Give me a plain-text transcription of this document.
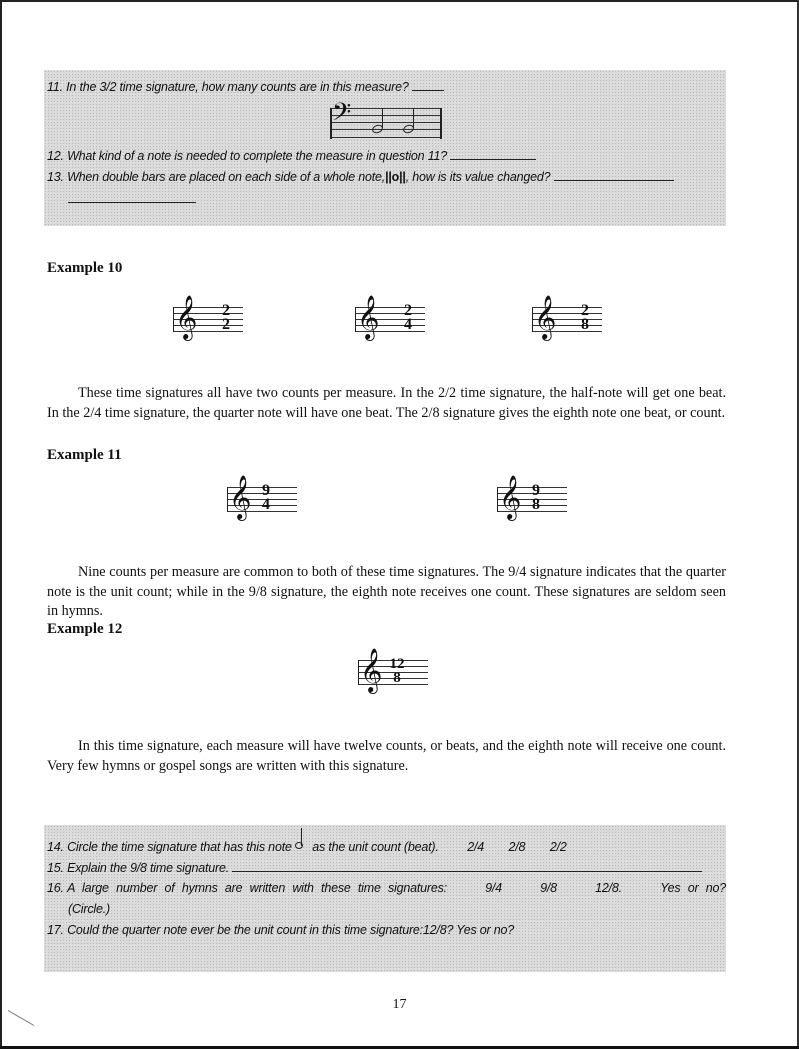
11. In the 3/2 time signature, how many counts are in this measure?
𝄢
12. What kind of a note is needed to complete the measure in question 11?
13. When double bars are placed on each side of a whole note,||o||, how is its value changed?
Example 10
𝄞	2
2	𝄞	2
4	𝄞	2
8
These time signatures all have two counts per measure. In the 2/2 time signature, the half-note will get one beat. In the 2/4 time signature, the quarter note will have one beat. The 2/8 signature gives the eighth note one beat, or count.
Example 11
𝄞 9
4	𝄞 9
8
Nine counts per measure are common to both of these time signatures. The 9/4 signature indicates that the quarter note is the unit count; while in the 9/8 signature, the eighth note receives one count. These signatures are seldom seen in hymns.
Example 12
𝄞 12
8
In this time signature, each measure will have twelve counts, or beats, and the eighth note will receive one count. Very few hymns or gospel songs are written with this signature.
14. Circle the time signature that has this note as the unit count (beat). 2/4 2/8 2/2
15. Explain the 9/8 time signature.
16. A large number of hymns are written with these time signatures:	9/4	9/8	12/8.	Yes or no?
(Circle.)
17. Could the quarter note ever be the unit count in this time signature:12/8? Yes or no?
17
